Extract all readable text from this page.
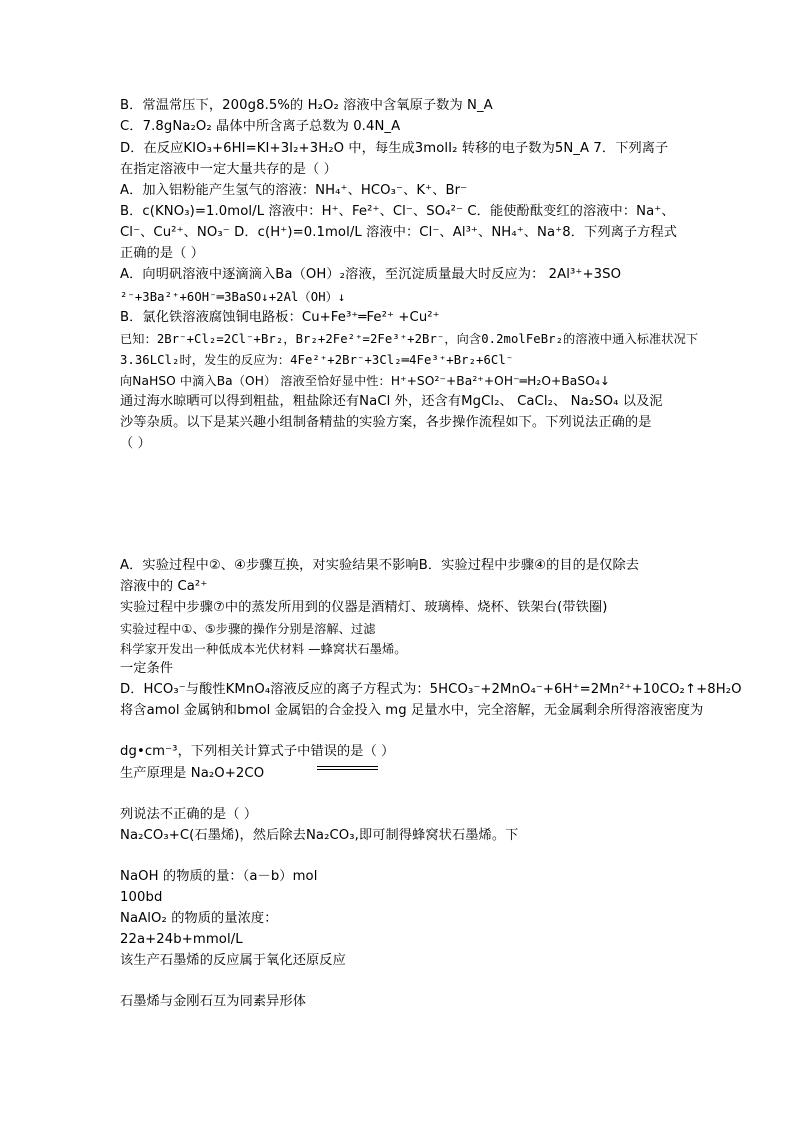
B．常温常压下，200g8.5%的 H₂O₂ 溶液中含氧原子数为 N_A
C．7.8gNa₂O₂ 晶体中所含离子总数为 0.4N_A
D．在反应KIO₃+6HI=KI+3I₂+3H₂O 中，每生成3molI₂ 转移的电子数为5N_A 7．下列离子
在指定溶液中一定大量共存的是（ ）
A．加入铝粉能产生氢气的溶液：NH₄⁺、HCO₃⁻、K⁺、Br⁻
B．c(KNO₃)=1.0mol/L 溶液中：H⁺、Fe²⁺、Cl⁻、SO₄²⁻ C．能使酚酞变红的溶液中：Na⁺、
Cl⁻、Cu²⁺、NO₃⁻ D．c(H⁺)=0.1mol/L 溶液中：Cl⁻、Al³⁺、NH₄⁺、Na⁺8．下列离子方程式
正确的是（ ）
A．向明矾溶液中逐滴滴入Ba（OH）₂溶液，至沉淀质量最大时反应为： 2Al³⁺+3SO
²⁻+3Ba²⁺+6OH⁻═3BaSO↓+2Al（OH）↓
B．氯化铁溶液腐蚀铜电路板：Cu+Fe³⁺═Fe²⁺ +Cu²⁺
已知：2Br⁻+Cl₂=2Cl⁻+Br₂，Br₂+2Fe²⁺=2Fe³⁺+2Br⁻，向含0.2molFeBr₂的溶液中通入标准状况下
3.36LCl₂时，发生的反应为：4Fe²⁺+2Br⁻+3Cl₂═4Fe³⁺+Br₂+6Cl⁻
向NaHSO 中滴入Ba（OH） 溶液至恰好显中性：H⁺+SO²⁻+Ba²⁺+OH⁻═H₂O+BaSO₄↓
通过海水晾晒可以得到粗盐，粗盐除还有NaCl 外，还含有MgCl₂、 CaCl₂、 Na₂SO₄ 以及泥
沙等杂质。以下是某兴趣小组制备精盐的实验方案，各步操作流程如下。下列说法正确的是
（ ）
A．实验过程中②、④步骤互换，对实验结果不影响B．实验过程中步骤④的目的是仅除去
溶液中的 Ca²⁺
实验过程中步骤⑦中的蒸发所用到的仪器是酒精灯、玻璃棒、烧杯、铁架台(带铁圈)
实验过程中①、⑤步骤的操作分别是溶解、过滤
科学家开发出一种低成本光伏材料 —蜂窝状石墨烯。
一定条件
D．HCO₃⁻与酸性KMnO₄溶液反应的离子方程式为：5HCO₃⁻+2MnO₄⁻+6H⁺=2Mn²⁺+10CO₂↑+8H₂O
将含amol 金属钠和bmol 金属铝的合金投入 mg 足量水中，完全溶解，无金属剩余所得溶液密度为
dg•cm⁻³，下列相关计算式子中错误的是（ ）
生产原理是 Na₂O+2CO
列说法不正确的是（ ）
Na₂CO₃+C(石墨烯)，然后除去Na₂CO₃,即可制得蜂窝状石墨烯。下
NaOH 的物质的量：（a－b）mol
100bd
NaAlO₂ 的物质的量浓度：
22a+24b+mmol/L
该生产石墨烯的反应属于氧化还原反应
石墨烯与金刚石互为同素异形体
